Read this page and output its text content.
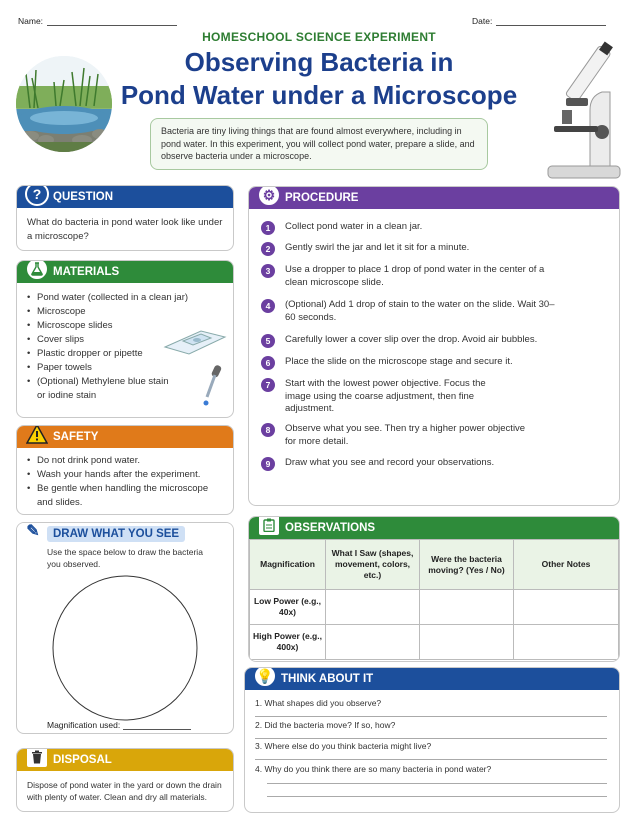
Name:	Date:
HOMESCHOOL SCIENCE EXPERIMENT
Observing Bacteria in
Pond Water under a Microscope
Bacteria are tiny living things that are found almost everywhere, including in pond water. In this experiment, you will collect pond water, prepare a slide, and observe bacteria under a microscope.
?	QUESTION
What do bacteria in pond water look like under a microscope?
MATERIALS
• Pond water (collected in a clean jar)
• Microscope
• Microscope slides
• Cover slips
• Plastic dropper or pipette
• Paper towels
• (Optional) Methylene blue stain or iodine stain
SAFETY
• Do not drink pond water.
• Wash your hands after the experiment.
• Be gentle when handling the microscope and slides.
✎	DRAW WHAT YOU SEE
Use the space below to draw the bacteria you observed.
Magnification used:
DISPOSAL
Dispose of pond water in the yard or down the drain with plenty of water. Clean and dry all materials.
⚙ PROCEDURE
1	Collect pond water in a clean jar.
2	Gently swirl the jar and let it sit for a minute.
3	Use a dropper to place 1 drop of pond water in the center of a clean microscope slide.
4	(Optional) Add 1 drop of stain to the water on the slide. Wait 30–60 seconds.
5	Carefully lower a cover slip over the drop. Avoid air bubbles.
6	Place the slide on the microscope stage and secure it.
7	Start with the lowest power objective. Focus the image using the coarse adjustment, then fine adjustment.
8	Observe what you see. Then try a higher power objective for more detail.
9	Draw what you see and record your observations.
OBSERVATIONS
Magnification	What I Saw (shapes, movement, colors, etc.)	Were the bacteria moving? (Yes / No)	Other Notes
Low Power (e.g., 40x)			
High Power (e.g., 400x)			
💡 THINK ABOUT IT
1. What shapes did you observe?
2. Did the bacteria move? If so, how?
3. Where else do you think bacteria might live?
4. Why do you think there are so many bacteria in pond water?
